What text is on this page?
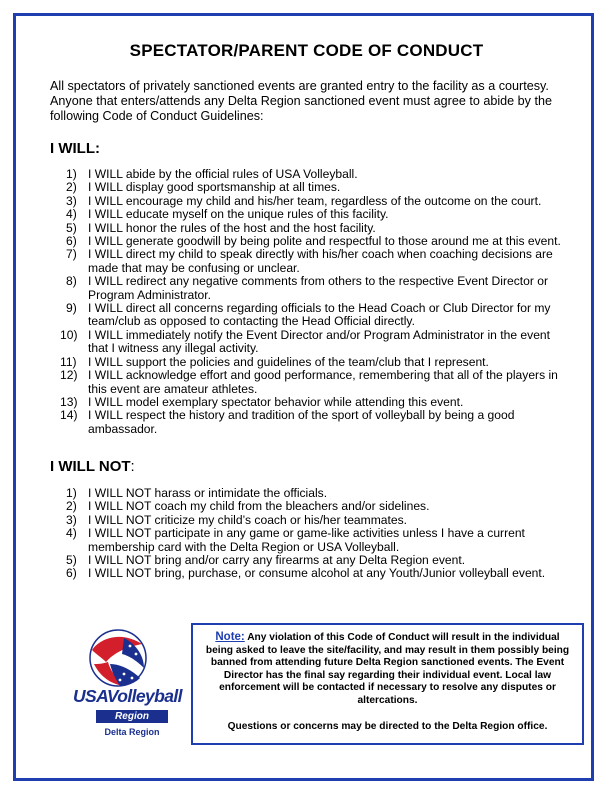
SPECTATOR/PARENT CODE OF CONDUCT
All spectators of privately sanctioned events are granted entry to the facility as a courtesy. Anyone that enters/attends any Delta Region sanctioned event must agree to abide by the following Code of Conduct Guidelines:
I WILL:
1) I WILL abide by the official rules of USA Volleyball.
2) I WILL display good sportsmanship at all times.
3) I WILL encourage my child and his/her team, regardless of the outcome on the court.
4) I WILL educate myself on the unique rules of this facility.
5) I WILL honor the rules of the host and the host facility.
6) I WILL generate goodwill by being polite and respectful to those around me at this event.
7) I WILL direct my child to speak directly with his/her coach when coaching decisions are made that may be confusing or unclear.
8) I WILL redirect any negative comments from others to the respective Event Director or Program Administrator.
9) I WILL direct all concerns regarding officials to the Head Coach or Club Director for my team/club as opposed to contacting the Head Official directly.
10) I WILL immediately notify the Event Director and/or Program Administrator in the event that I witness any illegal activity.
11) I WILL support the policies and guidelines of the team/club that I represent.
12) I WILL acknowledge effort and good performance, remembering that all of the players in this event are amateur athletes.
13) I WILL model exemplary spectator behavior while attending this event.
14) I WILL respect the history and tradition of the sport of volleyball by being a good ambassador.
I WILL NOT:
1) I WILL NOT harass or intimidate the officials.
2) I WILL NOT coach my child from the bleachers and/or sidelines.
3) I WILL NOT criticize my child’s coach or his/her teammates.
4) I WILL NOT participate in any game or game-like activities unless I have a current membership card with the Delta Region or USA Volleyball.
5) I WILL NOT bring and/or carry any firearms at any Delta Region event.
6) I WILL NOT bring, purchase, or consume alcohol at any Youth/Junior volleyball event.
USAVolleyball
Region
Delta Region
Note: Any violation of this Code of Conduct will result in the individual being asked to leave the site/facility, and may result in them possibly being banned from attending future Delta Region sanctioned events. The Event Director has the final say regarding their individual event. Local law enforcement will be contacted if necessary to resolve any disputes or altercations.
Questions or concerns may be directed to the Delta Region office.
